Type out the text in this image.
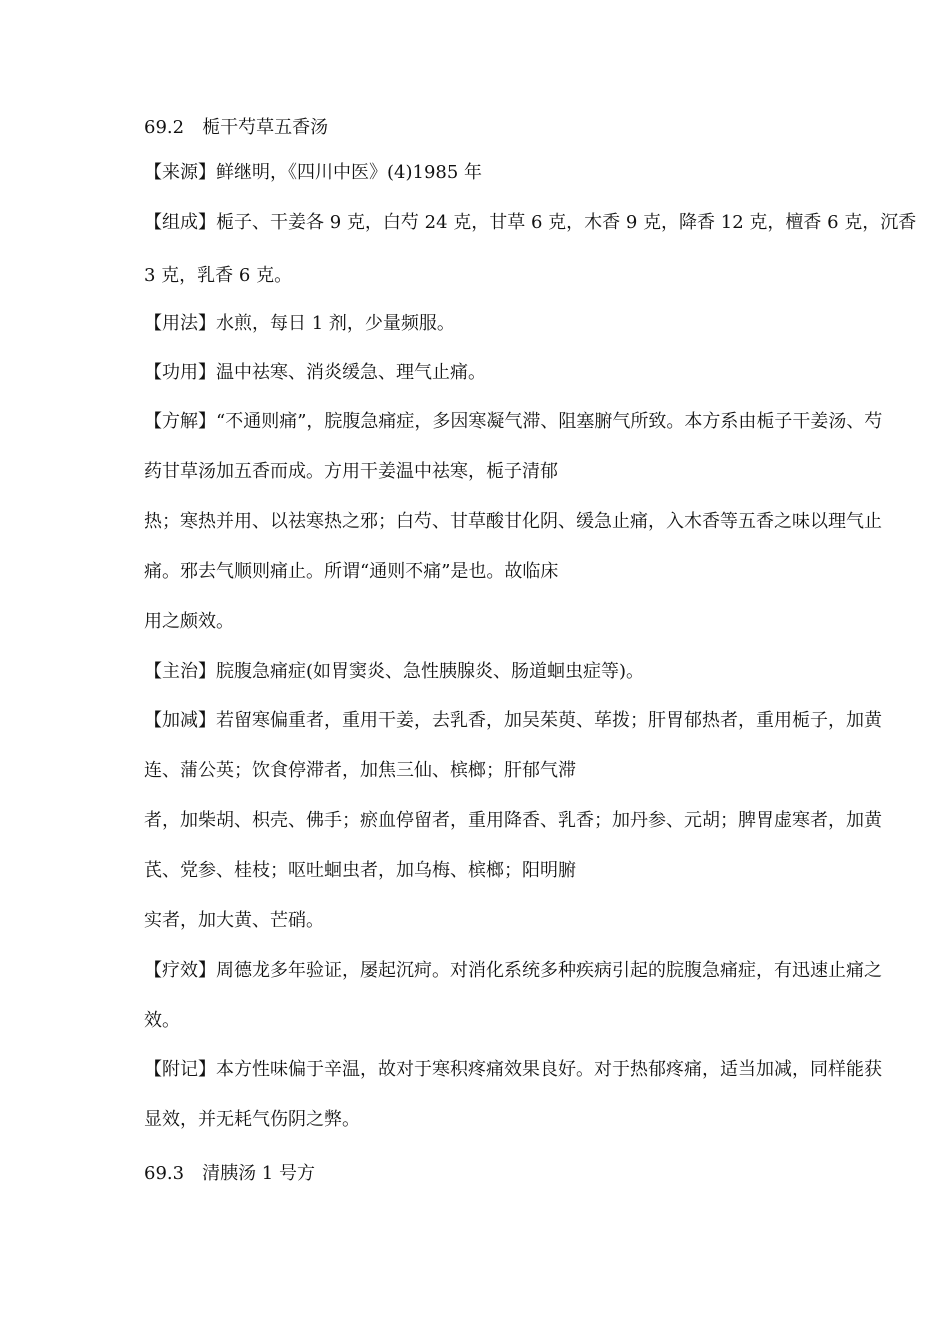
69.2　栀干芍草五香汤
【来源】鲜继明，《四川中医》(4)1985 年
【组成】栀子、干姜各 9 克，白芍 24 克，甘草 6 克，木香 9 克，降香 12 克，檀香 6 克，沉香
3 克，乳香 6 克。
【用法】水煎，每日 1 剂，少量频服。
【功用】温中祛寒、消炎缓急、理气止痛。
【方解】“不通则痛”，脘腹急痛症，多因寒凝气滞、阻塞腑气所致。本方系由栀子干姜汤、芍
药甘草汤加五香而成。方用干姜温中祛寒，栀子清郁
热；寒热并用、以祛寒热之邪；白芍、甘草酸甘化阴、缓急止痛，入木香等五香之味以理气止
痛。邪去气顺则痛止。所谓“通则不痛”是也。故临床
用之颇效。
【主治】脘腹急痛症(如胃窦炎、急性胰腺炎、肠道蛔虫症等)。
【加减】若留寒偏重者，重用干姜，去乳香，加吴茱萸、荜拨；肝胃郁热者，重用栀子，加黄
连、蒲公英；饮食停滞者，加焦三仙、槟榔；肝郁气滞
者，加柴胡、枳壳、佛手；瘀血停留者，重用降香、乳香；加丹参、元胡；脾胃虚寒者，加黄
芪、党参、桂枝；呕吐蛔虫者，加乌梅、槟榔；阳明腑
实者，加大黄、芒硝。
【疗效】周德龙多年验证，屡起沉疴。对消化系统多种疾病引起的脘腹急痛症，有迅速止痛之
效。
【附记】本方性味偏于辛温，故对于寒积疼痛效果良好。对于热郁疼痛，适当加减，同样能获
显效，并无耗气伤阴之弊。
69.3　清胰汤 1 号方
